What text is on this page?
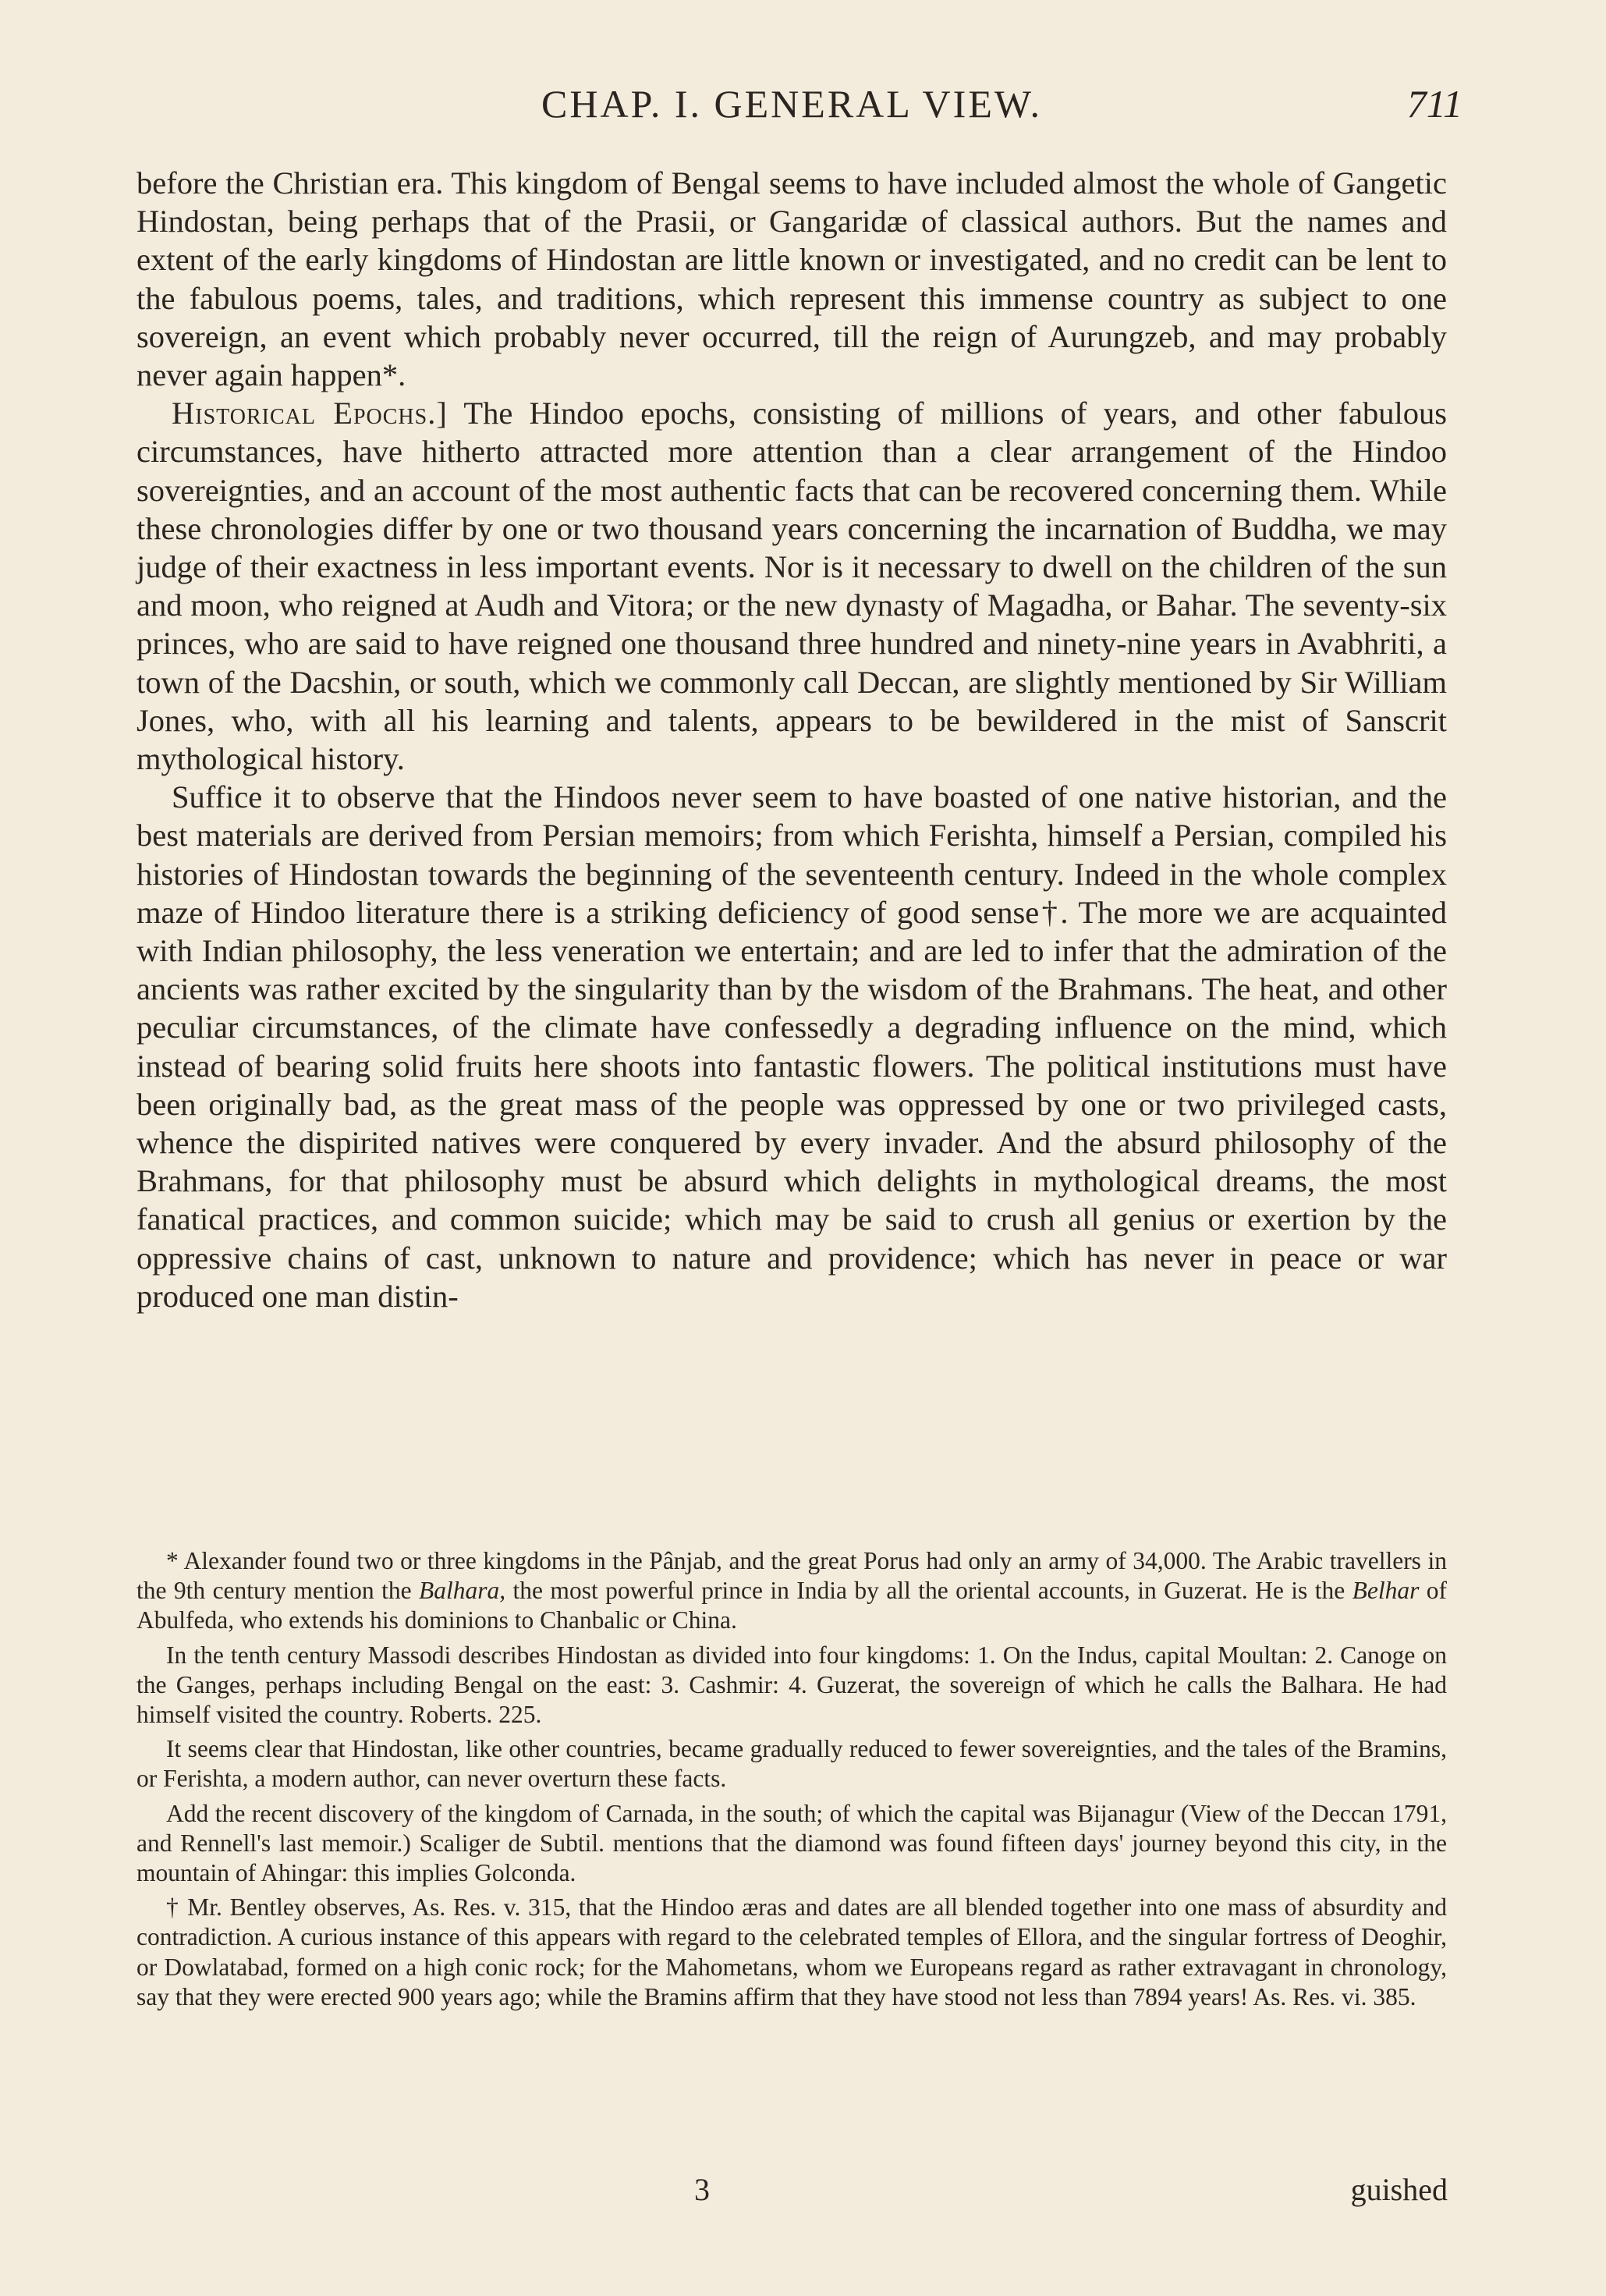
CHAP. I. GENERAL VIEW.	711

before the Christian era. This kingdom of Bengal seems to have included almost the whole of Gangetic Hindostan, being perhaps that of the Prasii, or Gangaridæ of classical authors. But the names and extent of the early kingdoms of Hindostan are little known or investigated, and no credit can be lent to the fabulous poems, tales, and traditions, which represent this immense country as subject to one sovereign, an event which probably never occurred, till the reign of Aurungzeb, and may probably never again happen*.

Historical Epochs.] The Hindoo epochs, consisting of millions of years, and other fabulous circumstances, have hitherto attracted more attention than a clear arrangement of the Hindoo sovereignties, and an account of the most authentic facts that can be recovered concerning them. While these chronologies differ by one or two thousand years concerning the incarnation of Buddha, we may judge of their exactness in less important events. Nor is it necessary to dwell on the children of the sun and moon, who reigned at Audh and Vitora; or the new dynasty of Magadha, or Bahar. The seventy-six princes, who are said to have reigned one thousand three hundred and ninety-nine years in Avabhriti, a town of the Dacshin, or south, which we commonly call Deccan, are slightly mentioned by Sir William Jones, who, with all his learning and talents, appears to be bewildered in the mist of Sanscrit mythological history.

Suffice it to observe that the Hindoos never seem to have boasted of one native historian, and the best materials are derived from Persian memoirs; from which Ferishta, himself a Persian, compiled his histories of Hindostan towards the beginning of the seventeenth century. Indeed in the whole complex maze of Hindoo literature there is a striking deficiency of good sense†. The more we are acquainted with Indian philosophy, the less veneration we entertain; and are led to infer that the admiration of the ancients was rather excited by the singularity than by the wisdom of the Brahmans. The heat, and other peculiar circumstances, of the climate have confessedly a degrading influence on the mind, which instead of bearing solid fruits here shoots into fantastic flowers. The political institutions must have been originally bad, as the great mass of the people was oppressed by one or two privileged casts, whence the dispirited natives were conquered by every invader. And the absurd philosophy of the Brahmans, for that philosophy must be absurd which delights in mythological dreams, the most fanatical practices, and common suicide; which may be said to crush all genius or exertion by the oppressive chains of cast, unknown to nature and providence; which has never in peace or war produced one man distin-

* Alexander found two or three kingdoms in the Pânjab, and the great Porus had only an army of 34,000. The Arabic travellers in the 9th century mention the Balhara, the most powerful prince in India by all the oriental accounts, in Guzerat. He is the Belhar of Abulfeda, who extends his dominions to Chanbalic or China.

In the tenth century Massodi describes Hindostan as divided into four kingdoms: 1. On the Indus, capital Moultan: 2. Canoge on the Ganges, perhaps including Bengal on the east: 3. Cashmir: 4. Guzerat, the sovereign of which he calls the Balhara. He had himself visited the country. Roberts. 225.

It seems clear that Hindostan, like other countries, became gradually reduced to fewer sovereignties, and the tales of the Bramins, or Ferishta, a modern author, can never overturn these facts.

Add the recent discovery of the kingdom of Carnada, in the south; of which the capital was Bijanagur (View of the Deccan 1791, and Rennell's last memoir.) Scaliger de Subtil. mentions that the diamond was found fifteen days' journey beyond this city, in the mountain of Ahingar: this implies Golconda.

† Mr. Bentley observes, As. Res. v. 315, that the Hindoo æras and dates are all blended together into one mass of absurdity and contradiction. A curious instance of this appears with regard to the celebrated temples of Ellora, and the singular fortress of Deoghir, or Dowlatabad, formed on a high conic rock; for the Mahometans, whom we Europeans regard as rather extravagant in chronology, say that they were erected 900 years ago; while the Bramins affirm that they have stood not less than 7894 years! As. Res. vi. 385.

3	guished
